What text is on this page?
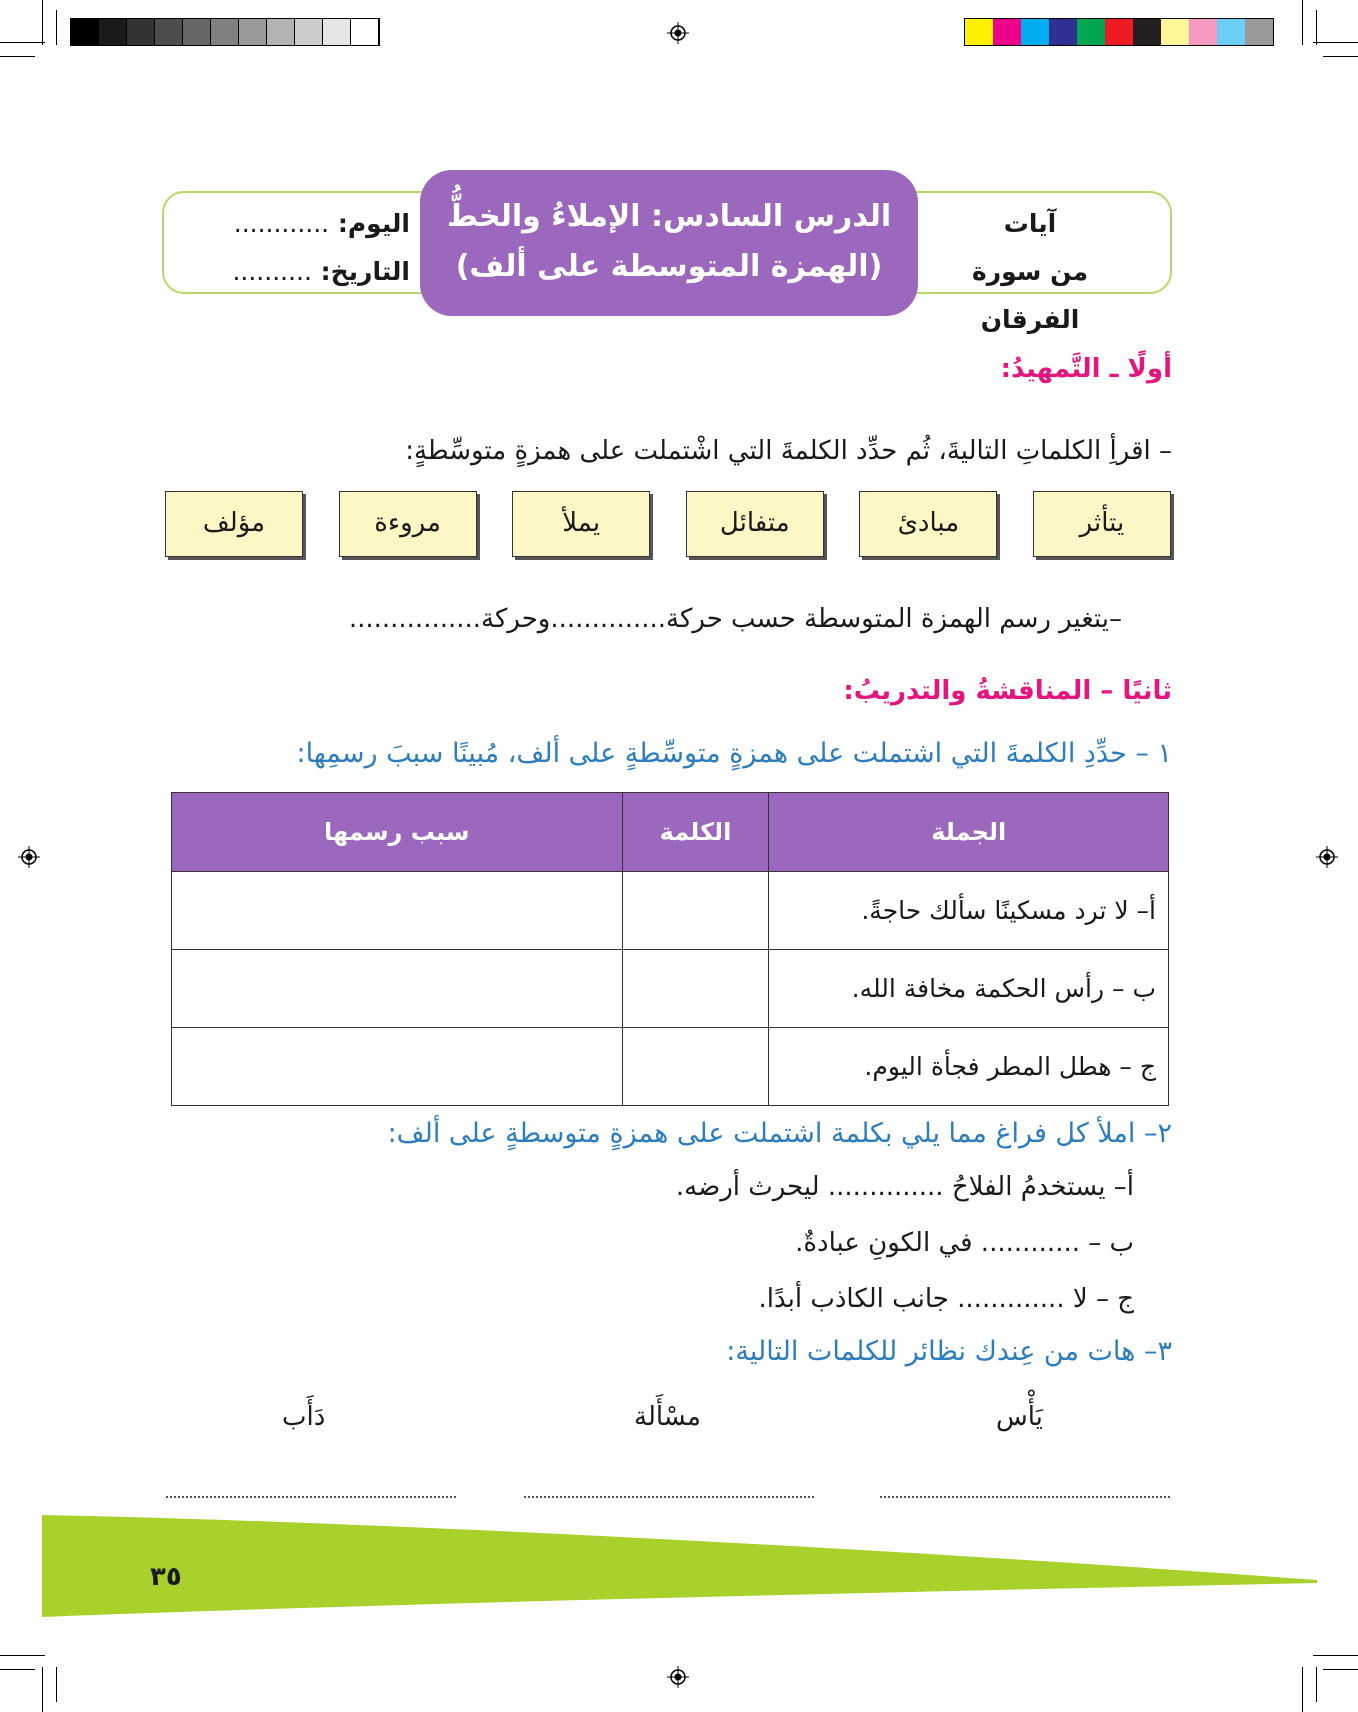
آيات
من سورة الفرقان
الدرس السادس: الإملاءُ والخطُّ
(الهمزة المتوسطة على ألف)
اليوم: ............
التاريخ: ..........
أولًا ـ التَّمهيدُ:
– اقرأِ الكلماتِ التاليةَ، ثُم حدِّد الكلمةَ التي اشْتملت على همزةٍ متوسِّطةٍ:
يتأثر
مبادئ
متفائل
يملأ
مروءة
مؤلف
–يتغير رسم الهمزة المتوسطة حسب حركة..............وحركة................
ثانيًا – المناقشةُ والتدريبُ:
١ – حدِّدِ الكلمةَ التي اشتملت على همزةٍ متوسِّطةٍ على ألف، مُبينًا سببَ رسمِها:
الجملة	الكلمة	سبب رسمها
أ– لا ترد مسكينًا سألك حاجةً.		
ب – رأس الحكمة مخافة الله.		
ج – هطل المطر فجأة اليوم.		
٢– املأ كل فراغ مما يلي بكلمة اشتملت على همزةٍ متوسطةٍ على ألف:
أ– يستخدمُ الفلاحُ .............. ليحرث أرضه.
ب – ............ في الكونِ عبادةٌ.
ج – لا ............. جانب الكاذب أبدًا.
٣– هات من عِندك نظائر للكلمات التالية:
يَأْس
مسْأَلة
دَأَب
٣٥
